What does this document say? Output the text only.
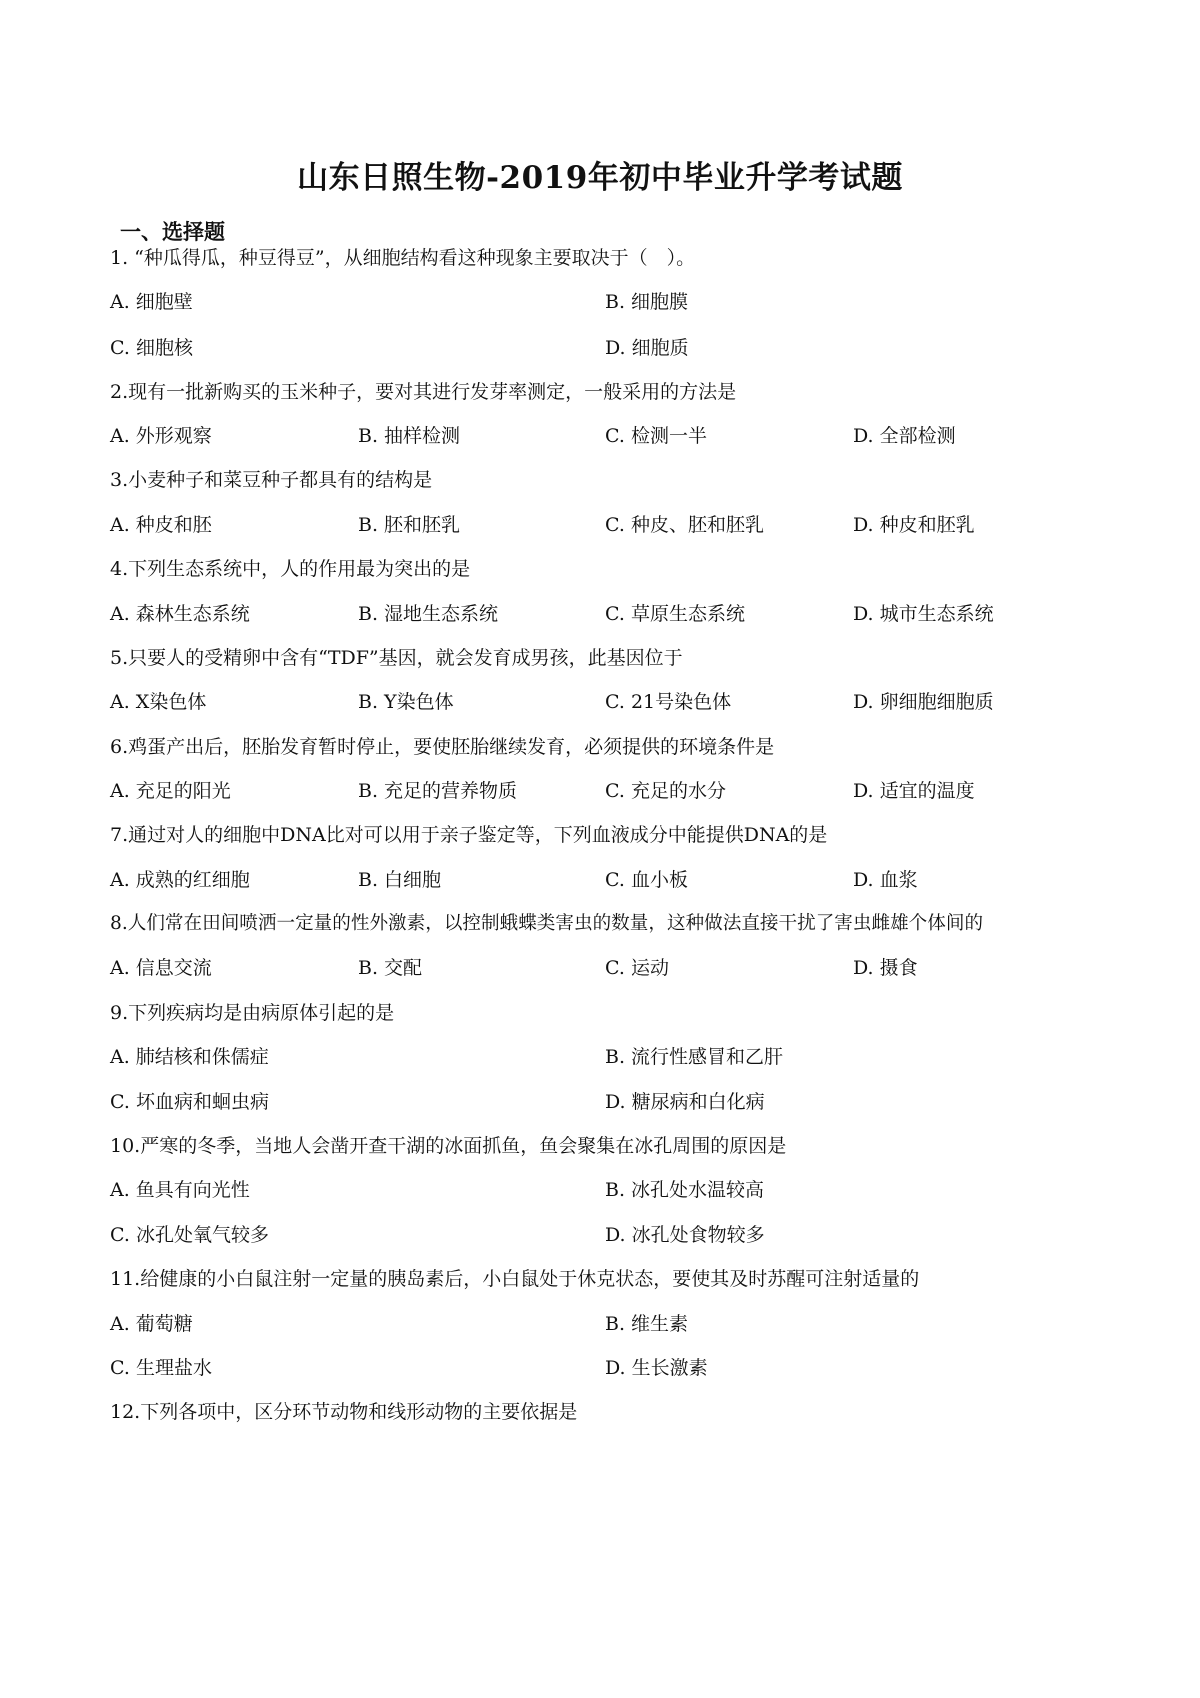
山东日照生物-2019年初中毕业升学考试题
一、选择题
1. “种瓜得瓜，种豆得豆”，从细胞结构看这种现象主要取决于（　）。
A. 细胞壁	B. 细胞膜
C. 细胞核	D. 细胞质
2.现有一批新购买的玉米种子，要对其进行发芽率测定，一般采用的方法是
A. 外形观察	B. 抽样检测	C. 检测一半	D. 全部检测
3.小麦种子和菜豆种子都具有的结构是
A. 种皮和胚	B. 胚和胚乳	C. 种皮、胚和胚乳	D. 种皮和胚乳
4.下列生态系统中，人的作用最为突出的是
A. 森林生态系统	B. 湿地生态系统	C. 草原生态系统	D. 城市生态系统
5.只要人的受精卵中含有“TDF”基因，就会发育成男孩，此基因位于
A. X染色体	B. Y染色体	C. 21号染色体	D. 卵细胞细胞质
6.鸡蛋产出后，胚胎发育暂时停止，要使胚胎继续发育，必须提供的环境条件是
A. 充足的阳光	B. 充足的营养物质	C. 充足的水分	D. 适宜的温度
7.通过对人的细胞中DNA比对可以用于亲子鉴定等，下列血液成分中能提供DNA的是
A. 成熟的红细胞	B. 白细胞	C. 血小板	D. 血浆
8.人们常在田间喷洒一定量的性外激素，以控制蛾蝶类害虫的数量，这种做法直接干扰了害虫雌雄个体间的
A. 信息交流	B. 交配	C. 运动	D. 摄食
9.下列疾病均是由病原体引起的是
A. 肺结核和侏儒症	B. 流行性感冒和乙肝
C. 坏血病和蛔虫病	D. 糖尿病和白化病
10.严寒的冬季，当地人会凿开查干湖的冰面抓鱼，鱼会聚集在冰孔周围的原因是
A. 鱼具有向光性	B. 冰孔处水温较高
C. 冰孔处氧气较多	D. 冰孔处食物较多
11.给健康的小白鼠注射一定量的胰岛素后，小白鼠处于休克状态，要使其及时苏醒可注射适量的
A. 葡萄糖	B. 维生素
C. 生理盐水	D. 生长激素
12.下列各项中，区分环节动物和线形动物的主要依据是
